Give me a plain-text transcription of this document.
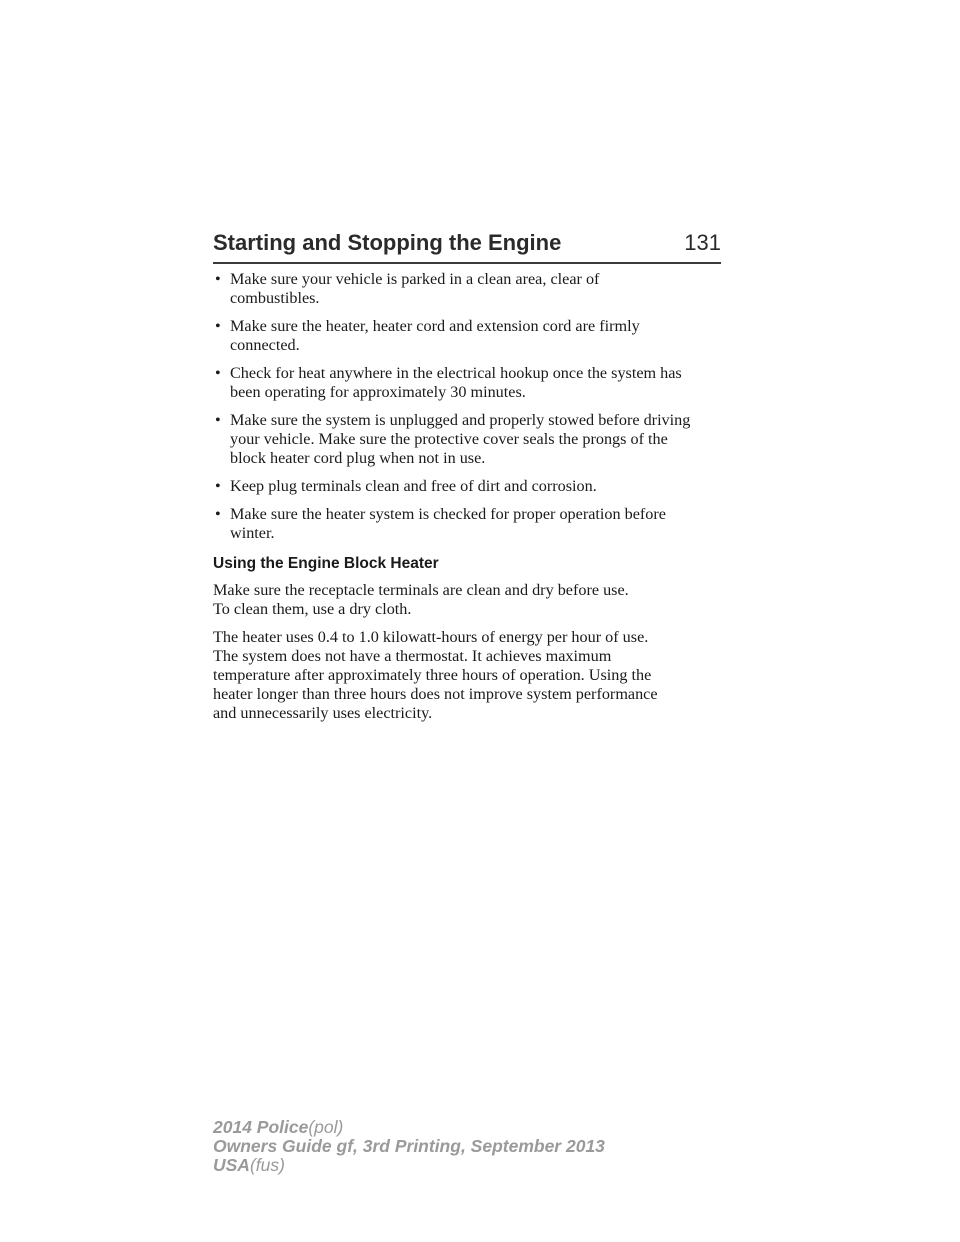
Starting and Stopping the Engine	131
• Make sure your vehicle is parked in a clean area, clear of
combustibles.
• Make sure the heater, heater cord and extension cord are firmly
connected.
• Check for heat anywhere in the electrical hookup once the system has
been operating for approximately 30 minutes.
• Make sure the system is unplugged and properly stowed before driving
your vehicle. Make sure the protective cover seals the prongs of the
block heater cord plug when not in use.
• Keep plug terminals clean and free of dirt and corrosion.
• Make sure the heater system is checked for proper operation before
winter.
Using the Engine Block Heater

Make sure the receptacle terminals are clean and dry before use.
To clean them, use a dry cloth.

The heater uses 0.4 to 1.0 kilowatt-hours of energy per hour of use.
The system does not have a thermostat. It achieves maximum
temperature after approximately three hours of operation. Using the
heater longer than three hours does not improve system performance
and unnecessarily uses electricity.

2014 Police(pol)
Owners Guide gf, 3rd Printing, September 2013
USA(fus)
